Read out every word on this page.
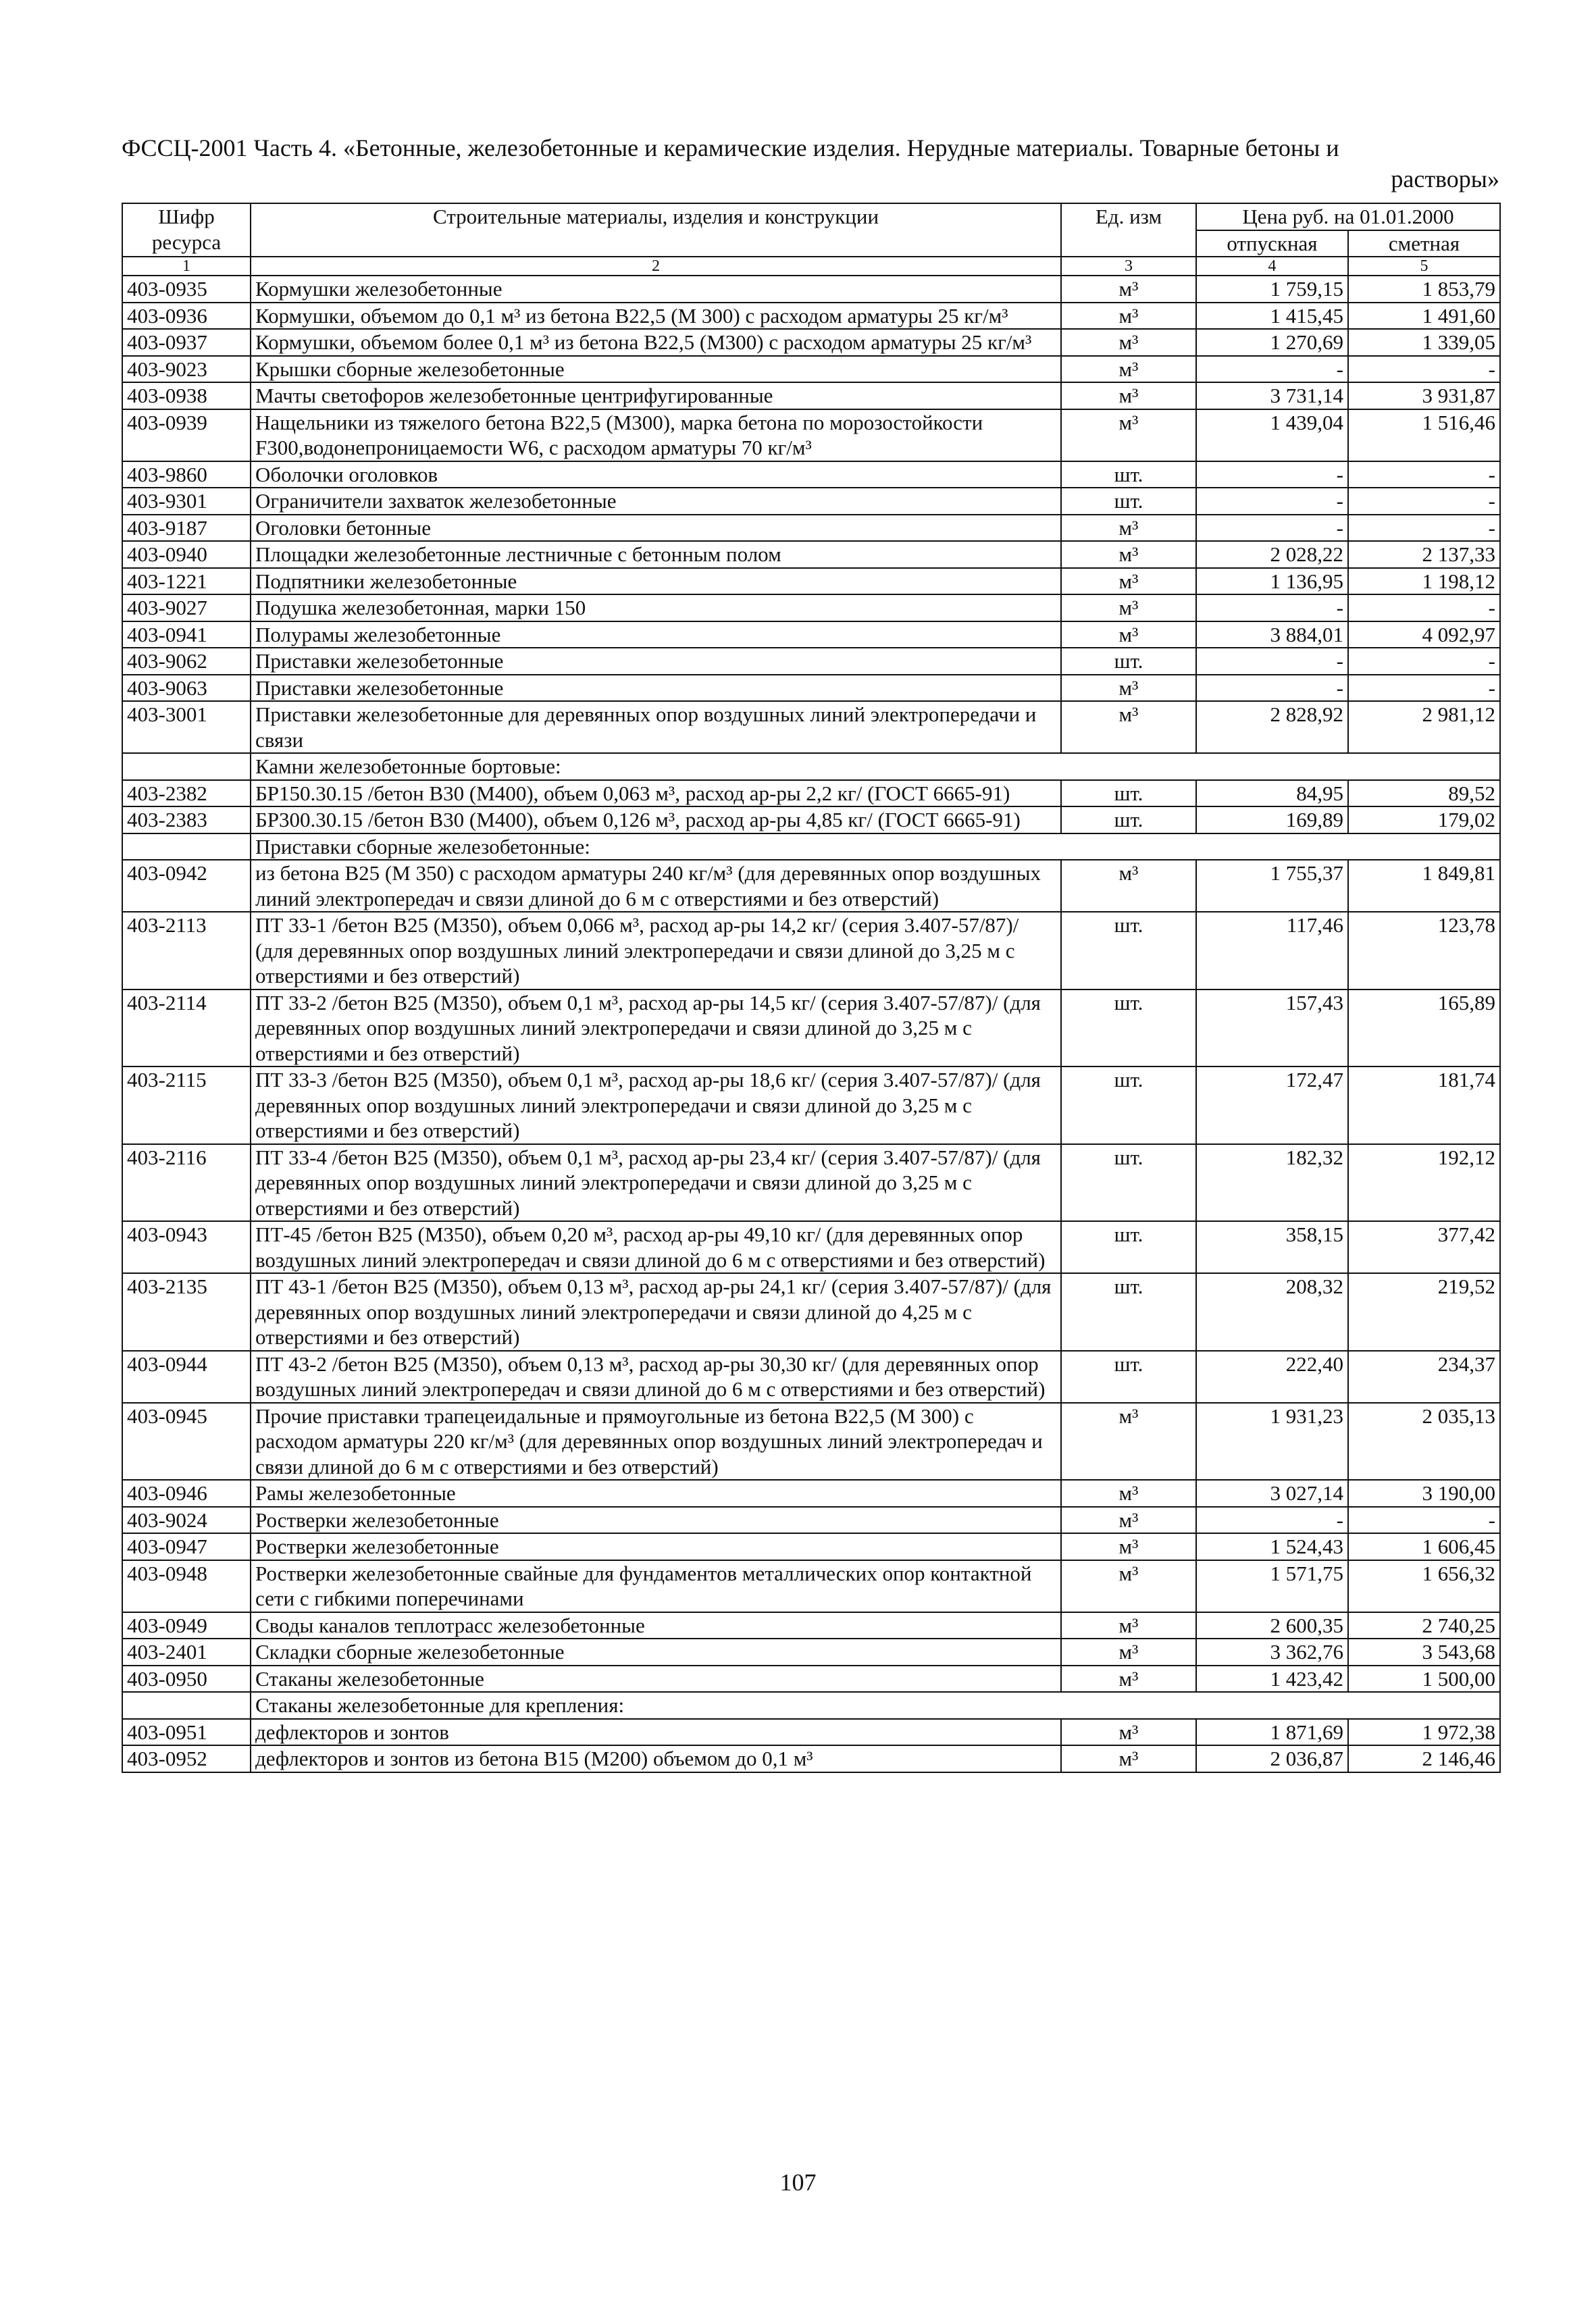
ФССЦ-2001 Часть 4. «Бетонные, железобетонные и керамические изделия. Нерудные материалы. Товарные бетоны и
растворы»
Шифр ресурса	Строительные материалы, изделия и конструкции	Ед. изм	Цена руб. на 01.01.2000	
			отпускная	сметная
1	2	3	4	5
403-0935	Кормушки железобетонные	м³	1 759,15	1 853,79
403-0936	Кормушки, объемом до 0,1 м³ из бетона В22,5 (М 300) с расходом арматуры 25 кг/м³	м³	1 415,45	1 491,60
403-0937	Кормушки, объемом более 0,1 м³ из бетона В22,5 (М300) с расходом арматуры 25 кг/м³	м³	1 270,69	1 339,05
403-9023	Крышки сборные железобетонные	м³	-	-
403-0938	Мачты светофоров железобетонные центрифугированные	м³	3 731,14	3 931,87
403-0939	Нащельники из тяжелого бетона В22,5 (М300), марка бетона по морозостойкости F300,водонепроницаемости W6, с расходом арматуры 70 кг/м³	м³	1 439,04	1 516,46
403-9860	Оболочки оголовков	шт.	-	-
403-9301	Ограничители захваток железобетонные	шт.	-	-
403-9187	Оголовки бетонные	м³	-	-
403-0940	Площадки железобетонные лестничные с бетонным полом	м³	2 028,22	2 137,33
403-1221	Подпятники железобетонные	м³	1 136,95	1 198,12
403-9027	Подушка железобетонная, марки 150	м³	-	-
403-0941	Полурамы железобетонные	м³	3 884,01	4 092,97
403-9062	Приставки железобетонные	шт.	-	-
403-9063	Приставки железобетонные	м³	-	-
403-3001	Приставки железобетонные для деревянных опор воздушных линий электропередачи и связи	м³	2 828,92	2 981,12
	Камни железобетонные бортовые:			
403-2382	БР150.30.15 /бетон В30 (М400), объем 0,063 м³, расход ар-ры 2,2 кг/ (ГОСТ 6665-91)	шт.	84,95	89,52
403-2383	БР300.30.15 /бетон В30 (М400), объем 0,126 м³, расход ар-ры 4,85 кг/ (ГОСТ 6665-91)	шт.	169,89	179,02
	Приставки сборные железобетонные:			
403-0942	из бетона В25 (М 350) с расходом арматуры 240 кг/м³ (для деревянных опор воздушных линий электропередач и связи длиной до 6 м с отверстиями и без отверстий)	м³	1 755,37	1 849,81
403-2113	ПТ 33-1 /бетон В25 (М350), объем 0,066 м³, расход ар-ры 14,2 кг/ (серия 3.407-57/87)/ (для деревянных опор воздушных линий электропередачи и связи длиной до 3,25 м с отверстиями и без отверстий)	шт.	117,46	123,78
403-2114	ПТ 33-2 /бетон В25 (М350), объем 0,1 м³, расход ар-ры 14,5 кг/ (серия 3.407-57/87)/ (для деревянных опор воздушных линий электропередачи и связи длиной до 3,25 м с отверстиями и без отверстий)	шт.	157,43	165,89
403-2115	ПТ 33-3 /бетон В25 (М350), объем 0,1 м³, расход ар-ры 18,6 кг/ (серия 3.407-57/87)/ (для деревянных опор воздушных линий электропередачи и связи длиной до 3,25 м с отверстиями и без отверстий)	шт.	172,47	181,74
403-2116	ПТ 33-4 /бетон В25 (М350), объем 0,1 м³, расход ар-ры 23,4 кг/ (серия 3.407-57/87)/ (для деревянных опор воздушных линий электропередачи и связи длиной до 3,25 м с отверстиями и без отверстий)	шт.	182,32	192,12
403-0943	ПТ-45 /бетон В25 (М350), объем 0,20 м³, расход ар-ры 49,10 кг/ (для деревянных опор воздушных линий электропередач и связи длиной до 6 м с отверстиями и без отверстий)	шт.	358,15	377,42
403-2135	ПТ 43-1 /бетон В25 (М350), объем 0,13 м³, расход ар-ры 24,1 кг/ (серия 3.407-57/87)/ (для деревянных опор воздушных линий электропередачи и связи длиной до 4,25 м с отверстиями и без отверстий)	шт.	208,32	219,52
403-0944	ПТ 43-2 /бетон В25 (М350), объем 0,13 м³, расход ар-ры 30,30 кг/ (для деревянных опор воздушных линий электропередач и связи длиной до 6 м с отверстиями и без отверстий)	шт.	222,40	234,37
403-0945	Прочие приставки трапецеидальные и прямоугольные из бетона В22,5 (М 300) с расходом арматуры 220 кг/м³ (для деревянных опор воздушных линий электропередач и связи длиной до 6 м с отверстиями и без отверстий)	м³	1 931,23	2 035,13
403-0946	Рамы железобетонные	м³	3 027,14	3 190,00
403-9024	Ростверки железобетонные	м³	-	-
403-0947	Ростверки железобетонные	м³	1 524,43	1 606,45
403-0948	Ростверки железобетонные свайные для фундаментов металлических опор контактной сети с гибкими поперечинами	м³	1 571,75	1 656,32
403-0949	Своды каналов теплотрасс железобетонные	м³	2 600,35	2 740,25
403-2401	Складки сборные железобетонные	м³	3 362,76	3 543,68
403-0950	Стаканы железобетонные	м³	1 423,42	1 500,00
	Стаканы железобетонные для крепления:			
403-0951	дефлекторов и зонтов	м³	1 871,69	1 972,38
403-0952	дефлекторов и зонтов из бетона В15 (М200) объемом до 0,1 м³	м³	2 036,87	2 146,46
107
